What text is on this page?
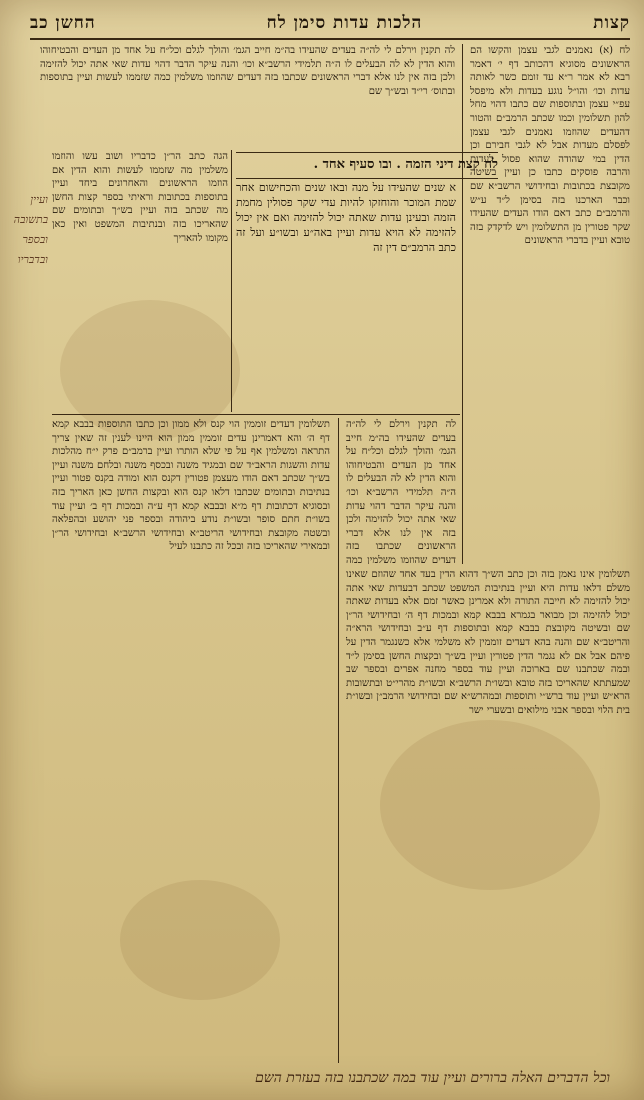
קצות
הלכות עדות סימן לח
החשן כב

לח (א) נאמנים לגבי עצמן והקשו הם הראשונים מסוגיא דהכותב דף י׳ דאמר רבא לא אמר ר״א עד זומם כשר לאותה עדות וכו׳ והו״ל נוגע בעדות ולא מיפסל עפ״י עצמן ובתוספות שם כתבו דהוי מחל להון תשלומין וכמו שכתב הרמב״ם והטור דהעדים שהוזמו נאמנים לגבי עצמן לפסלם מעדות אבל לא לגבי חבירם וכן הדין במי שהודה שהוא פסול לעדות והרבה פוסקים כתבו כן ועיין בשיטה מקובצת בכתובות ובחידושי הרשב״א שם וכבר הארכנו בזה בסימן ל״ד ע״ש והרמב״ם כתב דאם הודו העדים שהעידו שקר פטורין מן התשלומין ויש לדקדק בזה טובא ועיין בדברי הראשונים

לה תקנין וירלם לי לה״ה בעדים שהעידו בה״מ חייב הגמ׳ והולך לגלם וכל״ח על אחד מן העדים והבטיחוהו והוא הדין לא לה הבעלים לו ה״ה תלמידי הרשב״א וכו׳ והנה עיקר הדבר דהוי עדות שאי אתה יכול להזימה ולכן בזה אין לנו אלא דברי הראשונים שכתבו בזה דעדים שהוזמו משלמין כמה שזממו לעשות ועיין בתוספות ובתוס׳ רי״ד ובש״ך שם

לח קצת דיני הזמה . ובו סעיף אחד .

א שנים שהעידו על מנה ובאו שנים והכחישום אחר שמת המוכר והוחזקו להיות עדי שקר פסולין מחמת הזמה ובעינן עדות שאתה יכול להזימה ואם אין יכול להזימה לא הויא עדות ועיין באה״ע ובשו״ע ועל זה כתב הרמב״ם דין זה

הגה כתב הר״ן כדבריו ושוב עשו והוזמו משלמין מה שזממו לעשות והוא הדין אם הוזמו הראשונים והאחרונים ביחד ועיין בתוספות בכתובות וראיתי בספר קצות החשן מה שכתב בזה ועיין בש״ך ובתומים שם שהאריכו בזה ובנתיבות המשפט ואין כאן מקומו להאריך

תשלומין דעדים זוממין הוי קנס ולא ממון וכן כתבו התוספות בבבא קמא דף ה׳ והא דאמרינן עדים זוממין ממון הוא היינו לענין זה שאין צריך התראה ומשלמין אף על פי שלא הותרו ועיין ברמב״ם פרק י״ח מהלכות עדות והשגות הראב״ד שם ובמגיד משנה ובכסף משנה ובלחם משנה ועיין בש״ך שכתב דאם הודו מעצמן פטורין דקנס הוא ומודה בקנס פטור ועיין בנתיבות ובתומים שכתבו דלאו קנס הוא ובקצות החשן כאן האריך בזה ובסוגיא דכתובות דף מ״א ובבבא קמא דף ע״ה ובמכות דף ב׳ ועיין עוד בשו״ת חתם סופר ובשו״ת נודע ביהודה ובספר פני יהושע ובהפלאה ובשטה מקובצת ובחידושי הריטב״א ובחידושי הרשב״א ובחידושי הר״ן ובמאירי שהאריכו בזה ובכל זה כתבנו לעיל

תשלומין אינו נאמן בזה וכן כתב הש״ך דהוא הדין בעד אחד שהוזם שאינו משלם דלאו עדות היא ועיין בנתיבות המשפט שכתב דבעדות שאי אתה יכול להזימה לא חייבה התורה ולא אמרינן כאשר זמם אלא בעדות שאתה יכול להזימה וכן מבואר בגמרא בבבא קמא ובמכות דף ה׳ ובחידושי הר״ן שם ובשיטה מקובצת בבבא קמא ובתוספות דף ע״ב ובחידושי הרא״ה והריטב״א שם והנה בהא דעדים זוממין לא משלמי אלא כשנגמר הדין על פיהם אבל אם לא נגמר הדין פטורין ועיין בש״ך ובקצות החשן בסימן ל״ד ובמה שכתבנו שם בארוכה ועיין עוד בספר מחנה אפרים ובספר שב שמעתתא שהאריכו בזה טובא ובשו״ת הרשב״א ובשו״ת מהרי״ט ובתשובות הרא״ש ועיין עוד ברש״י ותוספות ובמהרש״א שם ובחידושי הרמב״ן ובשו״ת בית הלוי ובספר אבני מילואים ובשערי ישר

לה תקנין וירלם לי לה״ה בעדים שהעידו בה״מ חייב הגמ׳ והולך לגלם וכל״ח על אחד מן העדים והבטיחוהו והוא הדין לא לה הבעלים לו ה״ה תלמידי הרשב״א וכו׳ והנה עיקר הדבר דהוי עדות שאי אתה יכול להזימה ולכן בזה אין לנו אלא דברי הראשונים שכתבו בזה דעדים שהוזמו משלמין כמה

ועיין בתשובה ובספר ובדבריו
וכל הדברים האלה ברורים ועיין עוד במה שכתבנו בזה בעזרת השם
